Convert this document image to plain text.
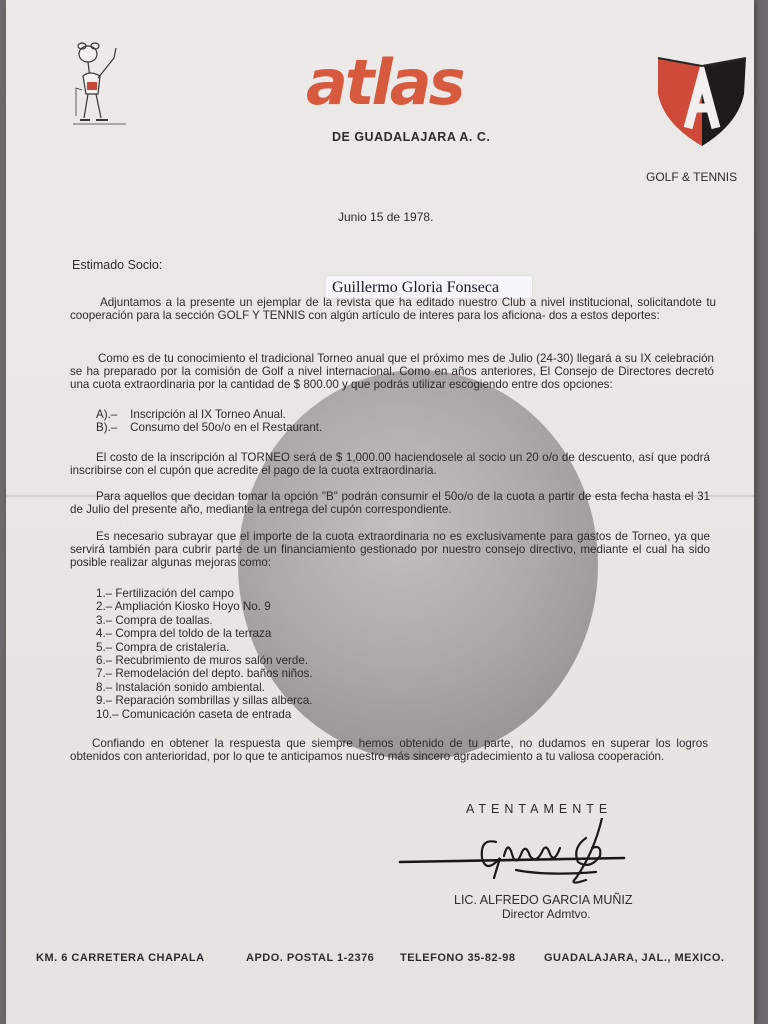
atlas
DE GUADALAJARA A. C.
GOLF & TENNIS
Junio 15 de 1978.
Estimado Socio:
Guillermo Gloria Fonseca
Adjuntamos a la presente un ejemplar de la revista que ha editado nuestro Club a nivel institucional, solicitandote tu cooperación para la sección GOLF Y TENNIS con algún artículo de interes para los aficiona- dos a estos deportes:
Como es de tu conocimiento el tradicional Torneo anual que el próximo mes de Julio (24-30) llegará a su IX celebración se ha preparado por la comisión de Golf a nivel internacional. Como en años anteriores, El Consejo de Directores decretó una cuota extraordinaria por la cantidad de $ 800.00 y que podrás utilizar escogiendo entre dos opciones:
A).–    Inscripción al IX Torneo Anual.
B).–    Consumo del 50o/o en el Restaurant.
El costo de la inscripción al TORNEO será de $ 1,000.00 haciendosele al socio un 20 o/o de descuento, así que podrá inscribirse con el cupón que acredite el pago de la cuota extraordinaria.
Para aquellos que decidan tomar la opción "B" podrán consumir el 50o/o de la cuota a partir de esta fecha hasta el 31 de Julio del presente año, mediante la entrega del cupón correspondiente.
Es necesario subrayar que el importe de la cuota extraordinaria no es exclusivamente para gastos de Torneo, ya que servirá también para cubrir parte de un financiamiento gestionado por nuestro consejo directivo, mediante el cual ha sido posible realizar algunas mejoras como:
1.– Fertilización del campo
2.– Ampliación Kiosko Hoyo No. 9
3.– Compra de toallas.
4.– Compra del toldo de la terraza
5.– Compra de cristalería.
6.– Recubrimiento de muros salón verde.
7.– Remodelación del depto. baños niños.
8.– Instalación sonido ambiental.
9.– Reparación sombrillas y sillas alberca.
10.– Comunicación caseta de entrada
Confiando en obtener la respuesta que siempre hemos obtenido de tu parte, no dudamos en superar los logros obtenidos con anterioridad, por lo que te anticipamos nuestro más sincero agradecimiento a tu valiosa cooperación.
ATENTAMENTE
LIC. ALFREDO GARCIA MUÑIZ
Director Admtvo.
KM. 6 CARRETERA CHAPALA	APDO. POSTAL 1-2376 TELEFONO 35-82-98	GUADALAJARA, JAL., MEXICO.
